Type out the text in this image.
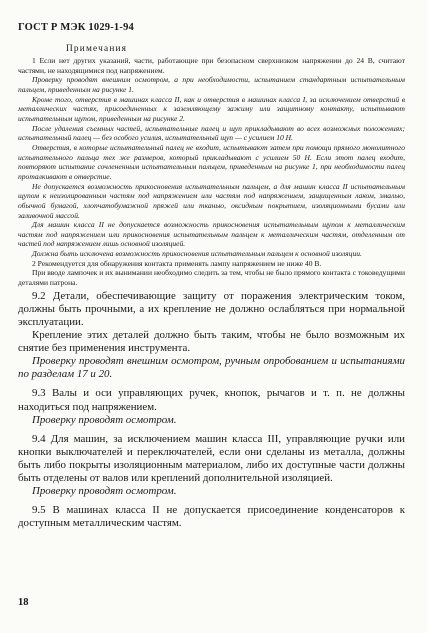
ГОСТ Р МЭК 1029-1-94
Примечания

1 Если нет других указаний, части, работающие при безопасном сверхнизком напряжении до 24 В, считают частями, не находящимися под напряжением.

Проверку проводят внешним осмотром, а при необходимости, испытанием стандартным испытательным пальцем, приведенным на рисунке 1.

Кроме того, отверстия в машинах класса II, как и отверстия в машинах класса I, за исключением отверстий в металлических частях, присоединенных к заземляющему зажиму или защитному контакту, испытывают испытательным щупом, приведенным на рисунке 2.

После удаления съемных частей, испытательные палец и щуп прикладывают во всех возможных положениях; испытательный палец — без особого усилия, испытательный щуп — с усилием 10 Н.

Отверстия, в которые испытательный палец не входит, испытывают затем при помощи прямого монолитного испытательного пальца тех же размеров, который прикладывают с усилием 50 Н. Если этот палец входит, повторяют испытание сочлененным испытательным пальцем, приведенным на рисунке 1, при необходимости палец проталкивают в отверстие.

Не допускается возможность прикосновения испытательным пальцем, а для машин класса II испытательным щупом к неизолированным частям под напряжением или частям под напряжением, защищенным лаком, эмалью, обычной бумагой, хлопчатобумажной пряжей или тканью, оксидным покрытием, изоляционными бусами или заливочной массой.

Для машин класса II не допускается возможность прикосновения испытательным щупом к металлическим частям под напряжением или прикосновения испытательным пальцем к металлическим частям, отделенным от частей под напряжением лишь основной изоляцией.

Должна быть исключена возможность прикосновения испытательным пальцем к основной изоляции.

2 Рекомендуется для обнаружения контакта применять лампу напряжением не ниже 40 В.

При вводе лампочек и их вынимании необходимо следить за тем, чтобы не было прямого контакта с токоведущими деталями патрона.

9.2 Детали, обеспечивающие защиту от поражения электрическим током, должны быть прочными, а их крепление не должно ослабляться при нормальной эксплуатации.

Крепление этих деталей должно быть таким, чтобы не было возможным их снятие без применения инструмента.

Проверку проводят внешним осмотром, ручным опробованием и испытаниями по разделам 17 и 20.

9.3 Валы и оси управляющих ручек, кнопок, рычагов и т. п. не должны находиться под напряжением.

Проверку проводят осмотром.

9.4 Для машин, за исключением машин класса III, управляющие ручки или кнопки выключателей и переключателей, если они сделаны из металла, должны быть либо покрыты изоляционным материалом, либо их доступные части должны быть отделены от валов или креплений дополнительной изоляцией.

Проверку проводят осмотром.

9.5 В машинах класса II не допускается присоединение конденсаторов к доступным металлическим частям.

18
